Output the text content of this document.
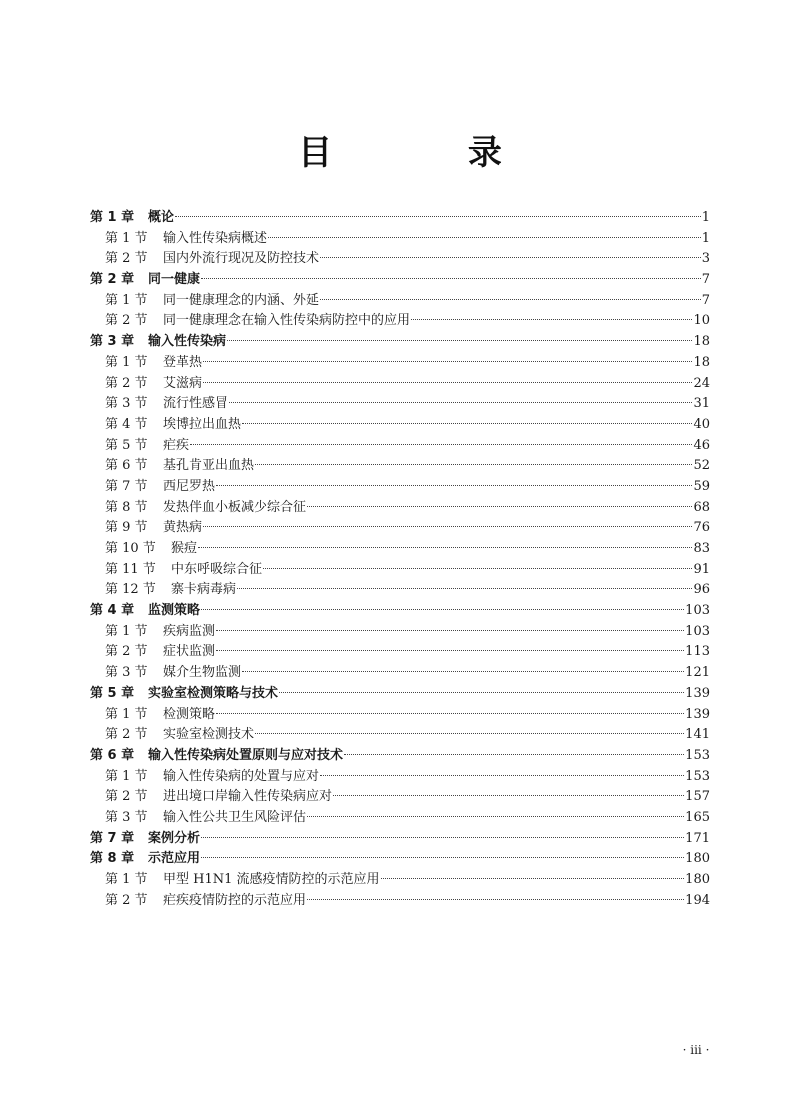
目 录
第 1 章	概论	1
第 1 节	输入性传染病概述	1
第 2 节	国内外流行现况及防控技术	3
第 2 章	同一健康	7
第 1 节	同一健康理念的内涵、外延	7
第 2 节	同一健康理念在输入性传染病防控中的应用	10
第 3 章	输入性传染病	18
第 1 节	登革热	18
第 2 节	艾滋病	24
第 3 节	流行性感冒	31
第 4 节	埃博拉出血热	40
第 5 节	疟疾	46
第 6 节	基孔肯亚出血热	52
第 7 节	西尼罗热	59
第 8 节	发热伴血小板减少综合征	68
第 9 节	黄热病	76
第 10 节	猴痘	83
第 11 节	中东呼吸综合征	91
第 12 节	寨卡病毒病	96
第 4 章	监测策略	103
第 1 节	疾病监测	103
第 2 节	症状监测	113
第 3 节	媒介生物监测	121
第 5 章	实验室检测策略与技术	139
第 1 节	检测策略	139
第 2 节	实验室检测技术	141
第 6 章	输入性传染病处置原则与应对技术	153
第 1 节	输入性传染病的处置与应对	153
第 2 节	进出境口岸输入性传染病应对	157
第 3 节	输入性公共卫生风险评估	165
第 7 章	案例分析	171
第 8 章	示范应用	180
第 1 节	甲型 H1N1 流感疫情防控的示范应用	180
第 2 节	疟疾疫情防控的示范应用	194
· iii ·
